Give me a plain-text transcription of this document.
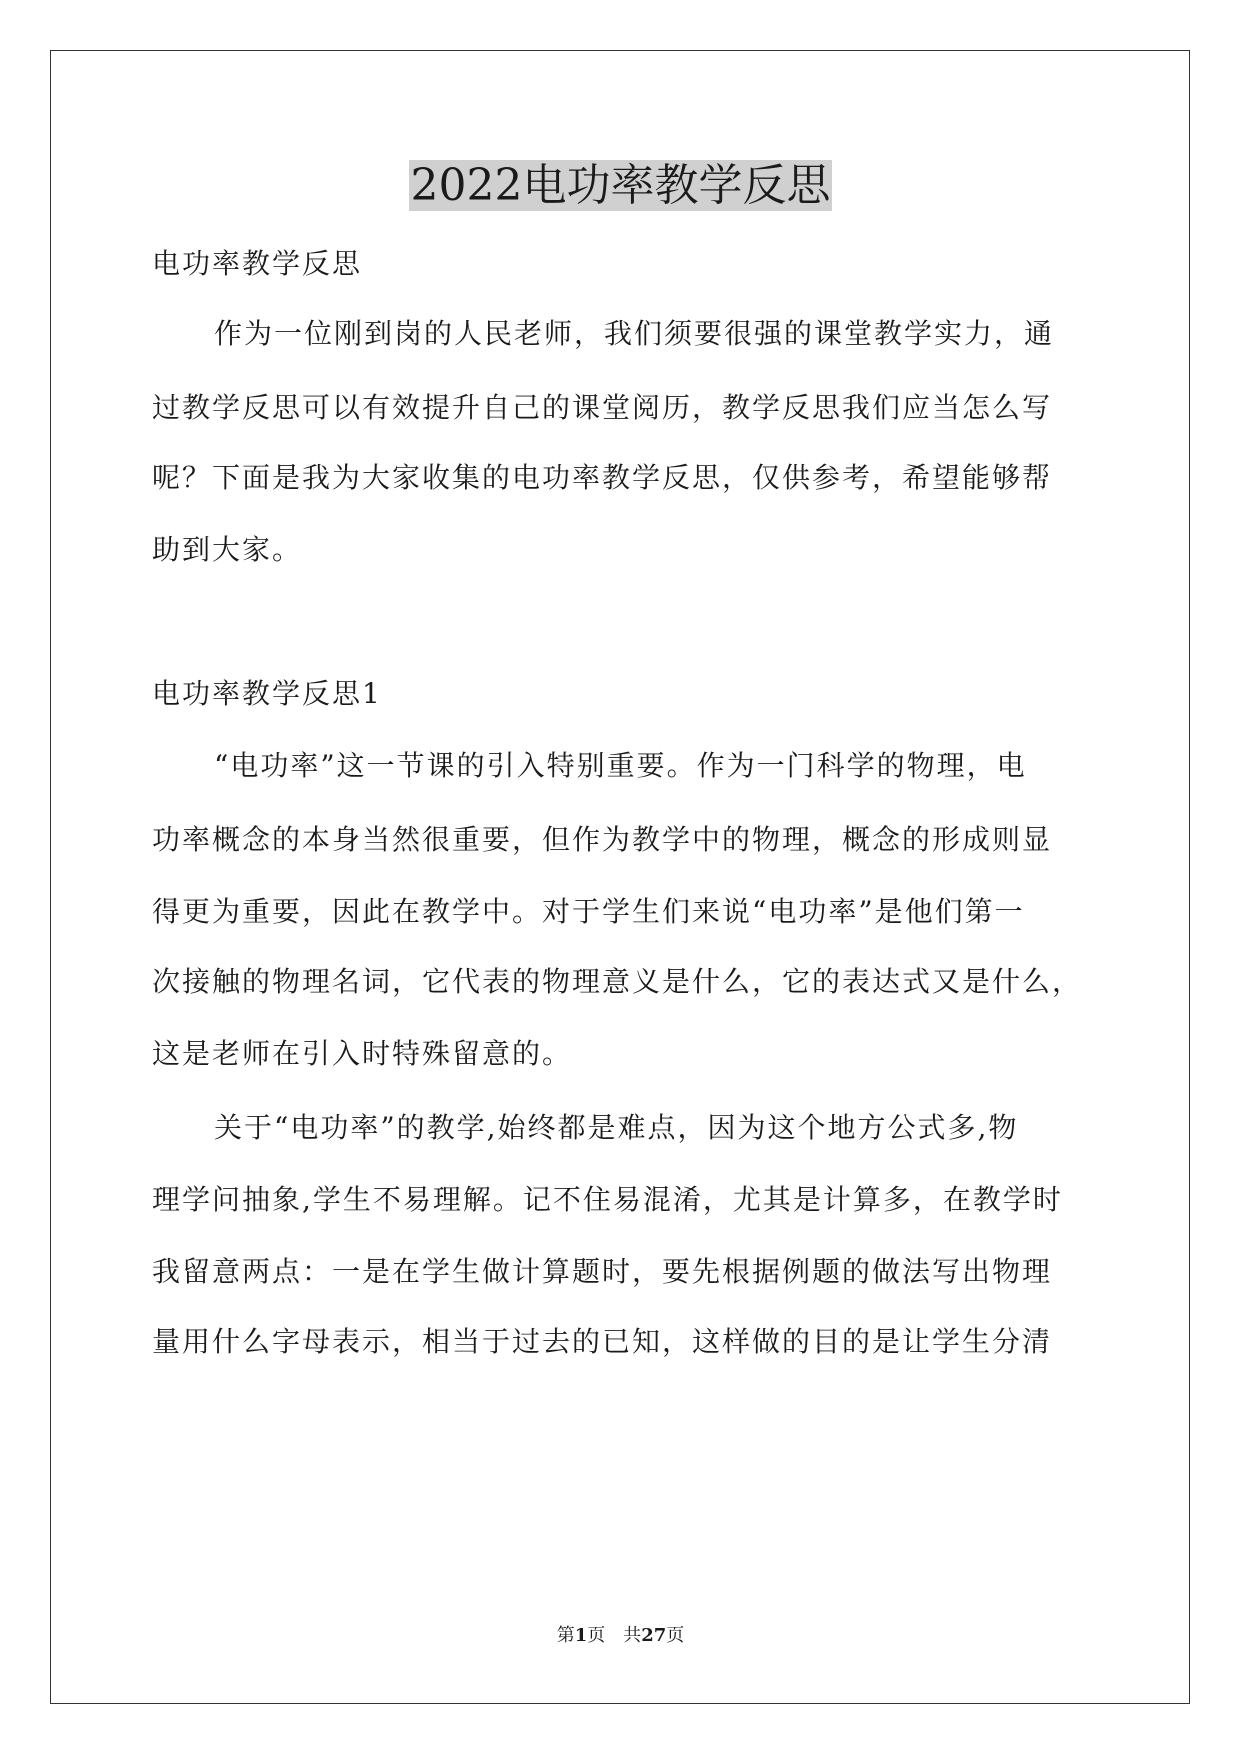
2022电功率教学反思
电功率教学反思
作为一位刚到岗的人民老师，我们须要很强的课堂教学实力，通
过教学反思可以有效提升自己的课堂阅历，教学反思我们应当怎么写
呢？下面是我为大家收集的电功率教学反思，仅供参考，希望能够帮
助到大家。
电功率教学反思1
“电功率”这一节课的引入特别重要。作为一门科学的物理，电
功率概念的本身当然很重要，但作为教学中的物理，概念的形成则显
得更为重要，因此在教学中。对于学生们来说“电功率”是他们第一
次接触的物理名词，它代表的物理意义是什么，它的表达式又是什么，
这是老师在引入时特殊留意的。
关于“电功率”的教学,始终都是难点，因为这个地方公式多,物
理学问抽象,学生不易理解。记不住易混淆，尤其是计算多，在教学时
我留意两点：一是在学生做计算题时，要先根据例题的做法写出物理
量用什么字母表示，相当于过去的已知，这样做的目的是让学生分清
第1页　共27页
